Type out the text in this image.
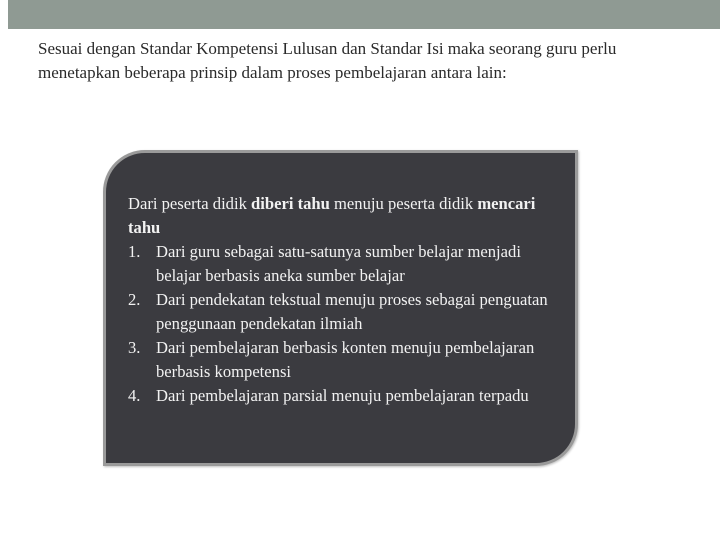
Sesuai dengan Standar Kompetensi Lulusan dan Standar Isi maka seorang guru perlu menetapkan beberapa prinsip dalam proses pembelajaran antara lain:
Dari peserta didik diberi tahu menuju peserta didik mencari tahu
1. Dari guru sebagai satu-satunya sumber belajar menjadi belajar berbasis aneka sumber belajar
2. Dari pendekatan tekstual menuju proses sebagai penguatan penggunaan pendekatan ilmiah
3. Dari pembelajaran berbasis konten menuju pembelajaran berbasis kompetensi
4. Dari pembelajaran parsial menuju pembelajaran terpadu
